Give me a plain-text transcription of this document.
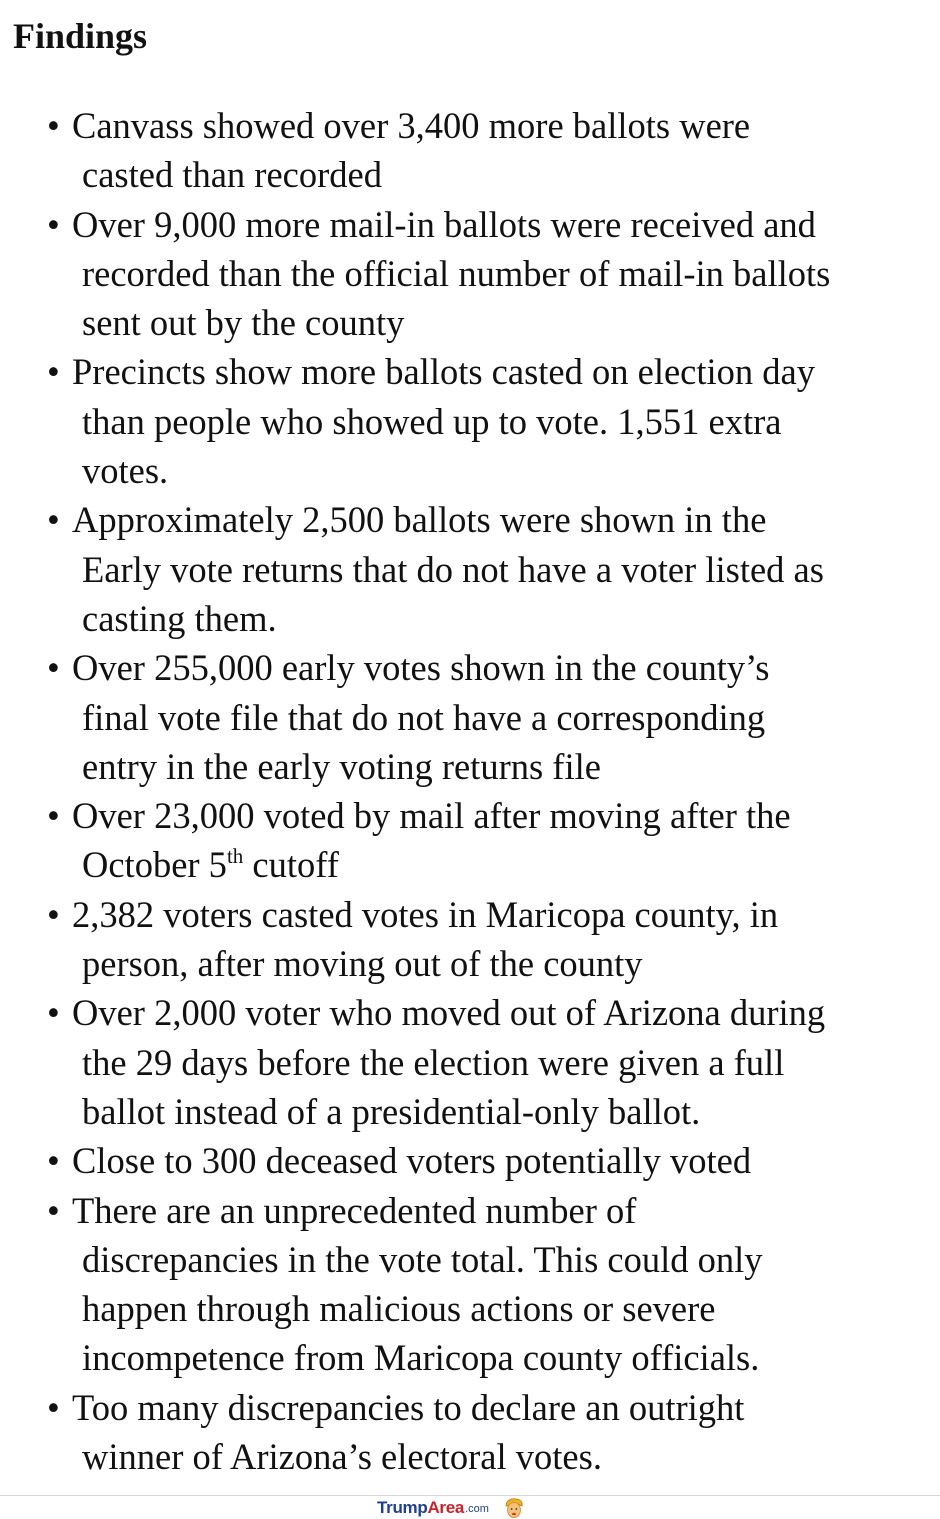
Findings
• Canvass showed over 3,400 more ballots were
casted than recorded
• Over 9,000 more mail-in ballots were received and
recorded than the official number of mail-in ballots
sent out by the county
• Precincts show more ballots casted on election day
than people who showed up to vote. 1,551 extra
votes.
• Approximately 2,500 ballots were shown in the
Early vote returns that do not have a voter listed as
casting them.
• Over 255,000 early votes shown in the county’s
final vote file that do not have a corresponding
entry in the early voting returns file
• Over 23,000 voted by mail after moving after the
October 5th cutoff
• 2,382 voters casted votes in Maricopa county, in
person, after moving out of the county
• Over 2,000 voter who moved out of Arizona during
the 29 days before the election were given a full
ballot instead of a presidential-only ballot.
• Close to 300 deceased voters potentially voted
• There are an unprecedented number of
discrepancies in the vote total. This could only
happen through malicious actions or severe
incompetence from Maricopa county officials.
• Too many discrepancies to declare an outright
winner of Arizona’s electoral votes.
Trump Area .com
